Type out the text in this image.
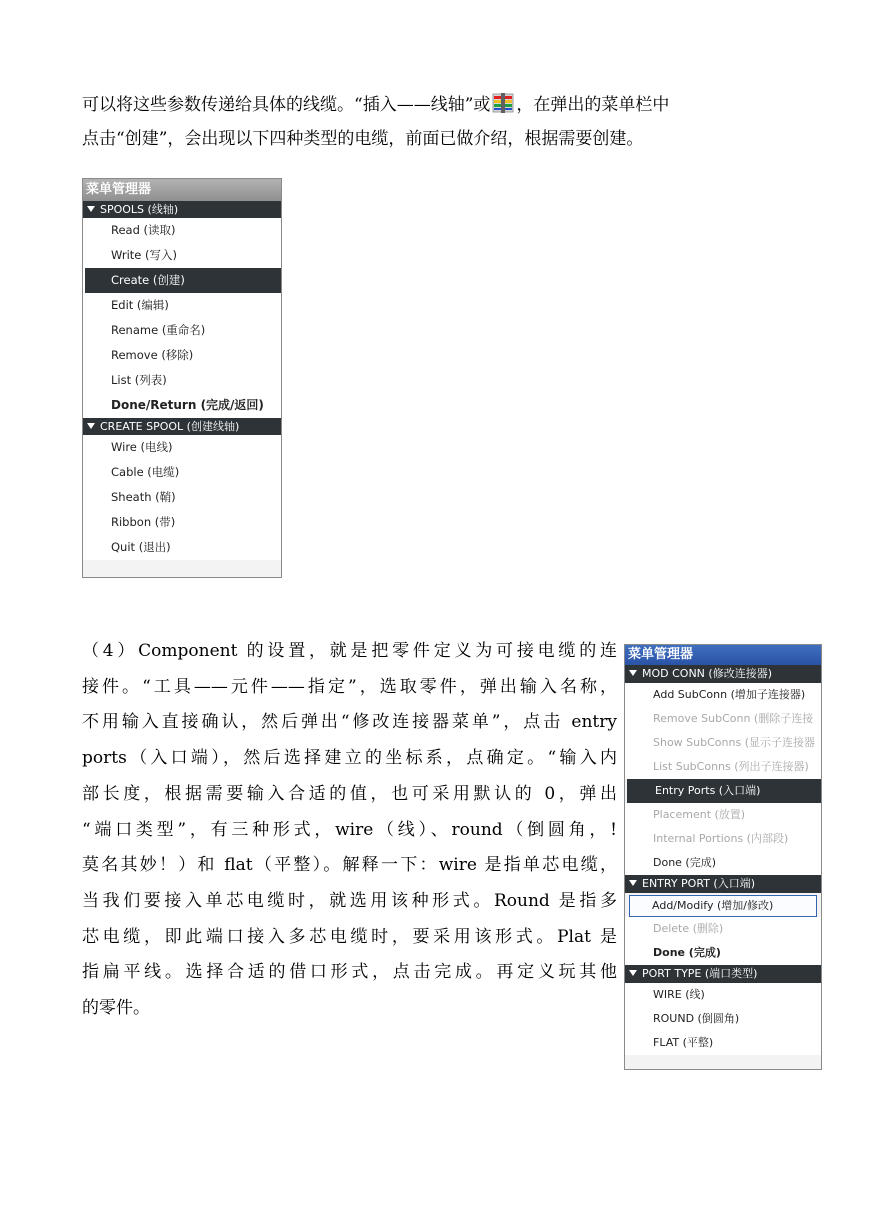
可以将这些参数传递给具体的线缆。“插入——线轴”或 ，在弹出的菜单栏中
点击“创建”，会出现以下四种类型的电缆，前面已做介绍，根据需要创建。
菜单管理器
SPOOLS (线轴)
Read (读取)
Write (写入)
Create (创建)
Edit (编辑)
Rename (重命名)
Remove (移除)
List (列表)
Done/Return (完成/返回)
CREATE SPOOL (创建线轴)
Wire (电线)
Cable (电缆)
Sheath (鞘)
Ribbon (带)
Quit (退出)
（4）Component 的设置，就是把零件定义为可接电缆的连
接件。“工具——元件——指定”，选取零件，弹出输入名称，
不用输入直接确认，然后弹出“修改连接器菜单”，点击 entry
ports（入口端），然后选择建立的坐标系，点确定。“输入内
部长度，根据需要输入合适的值，也可采用默认的 0，弹出
“端口类型”，有三种形式，wire（线）、round（倒圆角，!
莫名其妙！）和 flat（平整）。解释一下：wire 是指单芯电缆，
当我们要接入单芯电缆时，就选用该种形式。Round 是指多
芯电缆，即此端口接入多芯电缆时，要采用该形式。Plat 是
指扁平线。选择合适的借口形式，点击完成。再定义玩其他
的零件。
菜单管理器
MOD CONN (修改连接器)
Add SubConn (增加子连接器)
Remove SubConn (删除子连接
Show SubConns (显示子连接器
List SubConns (列出子连接器)
Entry Ports (入口端)
Placement (放置)
Internal Portions (内部段)
Done (完成)
ENTRY PORT (入口端)
Add/Modify (增加/修改)
Delete (删除)
Done (完成)
PORT TYPE (端口类型)
WIRE (线)
ROUND (倒圆角)
FLAT (平整)
